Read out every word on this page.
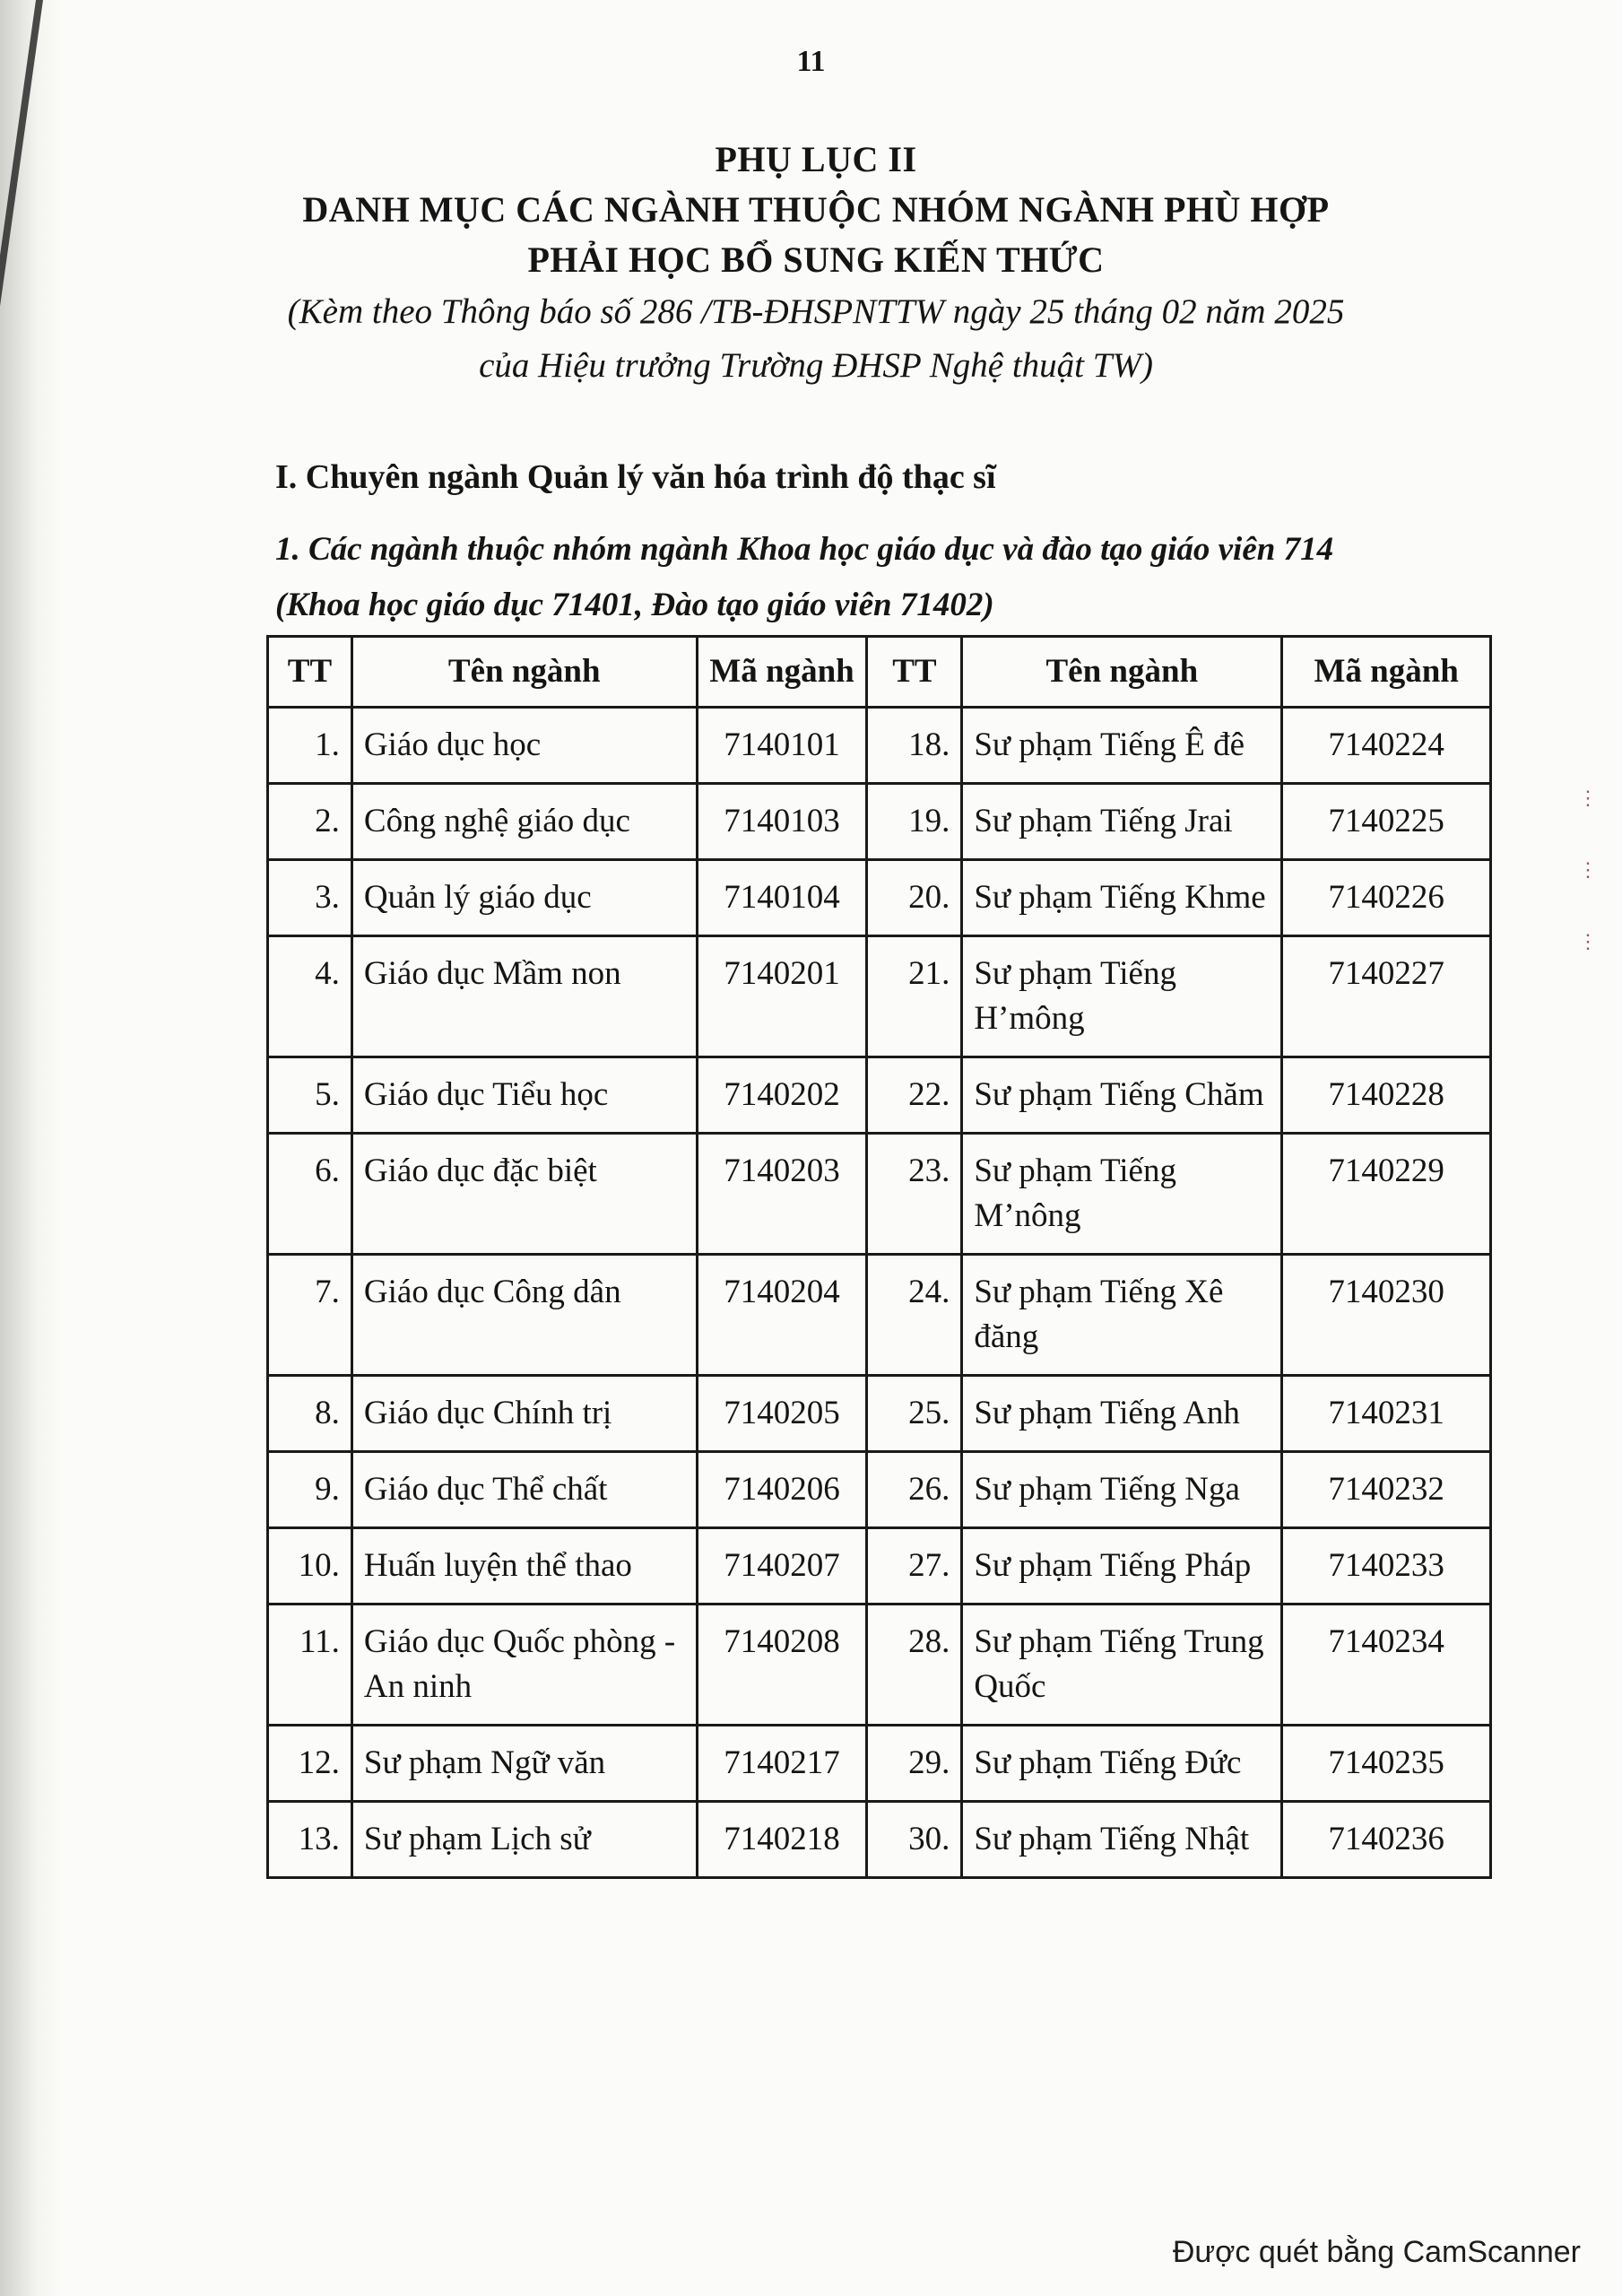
⋮
⋮
⋮
11
PHỤ LỤC II
DANH MỤC CÁC NGÀNH THUỘC NHÓM NGÀNH PHÙ HỢP
PHẢI HỌC BỔ SUNG KIẾN THỨC
(Kèm theo Thông báo số 286 /TB-ĐHSPNTTW ngày 25 tháng 02 năm 2025
của Hiệu trưởng Trường ĐHSP Nghệ thuật TW)
I. Chuyên ngành Quản lý văn hóa trình độ thạc sĩ
1. Các ngành thuộc nhóm ngành Khoa học giáo dục và đào tạo giáo viên 714
(Khoa học giáo dục 71401, Đào tạo giáo viên 71402)
TT	Tên ngành	Mã ngành	TT	Tên ngành	Mã ngành
1.	Giáo dục học	7140101	18.	Sư phạm Tiếng Ê đê	7140224
2.	Công nghệ giáo dục	7140103	19.	Sư phạm Tiếng Jrai	7140225
3.	Quản lý giáo dục	7140104	20.	Sư phạm Tiếng Khme	7140226
4.	Giáo dục Mầm non	7140201	21.	Sư phạm Tiếng H’mông	7140227
5.	Giáo dục Tiểu học	7140202	22.	Sư phạm Tiếng Chăm	7140228
6.	Giáo dục đặc biệt	7140203	23.	Sư phạm Tiếng M’nông	7140229
7.	Giáo dục Công dân	7140204	24.	Sư phạm Tiếng Xê đăng	7140230
8.	Giáo dục Chính trị	7140205	25.	Sư phạm Tiếng Anh	7140231
9.	Giáo dục Thể chất	7140206	26.	Sư phạm Tiếng Nga	7140232
10.	Huấn luyện thể thao	7140207	27.	Sư phạm Tiếng Pháp	7140233
11.	Giáo dục Quốc phòng - An ninh	7140208	28.	Sư phạm Tiếng Trung Quốc	7140234
12.	Sư phạm Ngữ văn	7140217	29.	Sư phạm Tiếng Đức	7140235
13.	Sư phạm Lịch sử	7140218	30.	Sư phạm Tiếng Nhật	7140236
Được quét bằng CamScanner
